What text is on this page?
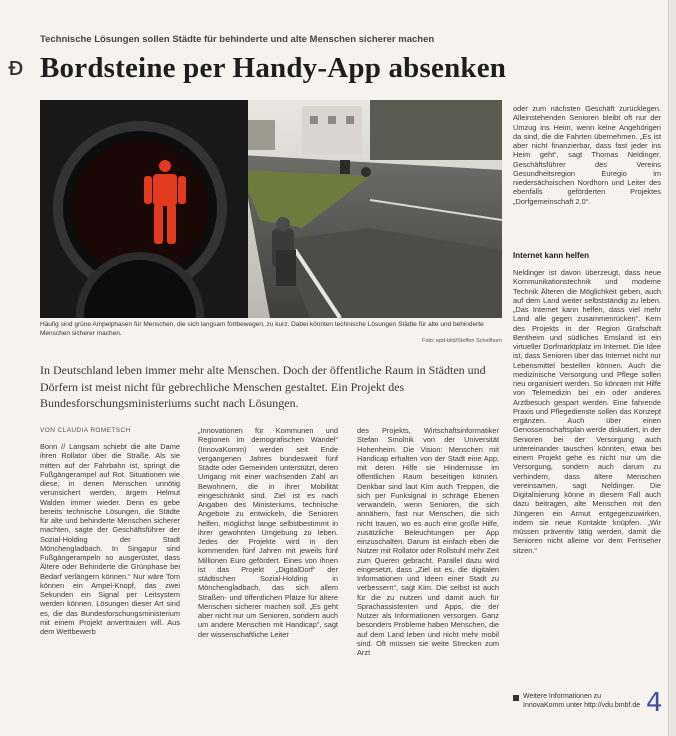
Technische Lösungen sollen Städte für behinderte und alte Menschen sicherer machen
ᴆ Bordsteine per Handy-App absenken
Häufig sind grüne Ampelphasen für Menschen, die sich langsam fortbewegen, zu kurz. Dabei könnten technische Lösungen Städte für alte und behinderte Menschen sicherer machen.
Foto: epd-bild/Steffen Schellhorn

In Deutschland leben immer mehr alte Menschen. Doch der öffentliche Raum in Städten und Dörfern ist meist nicht für gebrechliche Menschen gestaltet. Ein Projekt des Bundesforschungsministeriums sucht nach Lösungen.

VON CLAUDIA ROMETSCH

Bonn // Langsam schiebt die alte Dame ihren Rollator über die Straße. Als sie mitten auf der Fahrbahn ist, springt die Fußgängerampel auf Rot. Situationen wie diese, in denen Menschen unnötig verunsichert werden, ärgern Helmut Walden immer wieder. Denn es gebe bereits technische Lösungen, die Städte für alte und behinderte Menschen sicherer machten, sagte der Geschäftsführer der Sozial-Holding der Stadt Mönchengladbach. In Singapur sind Fußgängerampeln so ausgerüstet, dass Ältere oder Behinderte die Grünphase bei Bedarf verlängern können.“ Nur wäre Tom können ein Ampel-Knopf, das zwei Sekunden ein Signal per Leitsystem werden können. Lösungen dieser Art sind es, die das Bundesforschungsministerium mit einem Projekt anvertrauen will. Aus dem Wettbewerb

„Innovationen für Kommunen und Regionen im demografischen Wandel“ (InnovaKomm) werden seit Ende vergangenen Jahres bundesweit fünf Städte oder Gemeinden unterstützt, deren Umgang mit einer wachsenden Zahl an Bewohnern, die in ihrer Mobilität eingeschränkt sind. Ziel ist es nach Angaben des Ministeriums, technische Angebote zu entwickeln, die Senioren helfen, möglichst lange selbstbestimmt in ihrer gewohnten Umgebung zu leben. Jedes der Projekte wird in den kommenden fünf Jahren mit jeweils fünf Millionen Euro gefördert. Eines von ihnen ist das Projekt „DigitalDorf“ der städtischen Sozial-Holding in Mönchengladbach, das sich allem Straßen- und öffentlichen Plätze für ältere Menschen sicherer machen soll. „Es geht aber nicht nur um Senioren, sondern auch um andere Menschen mit Handicap“, sagt der wissenschaftliche Leiter

des Projekts, Wirtschaftsinformatiker Stefan Smolnik von der Universität Hohenheim. Die Vision: Menschen mit Handicap erhalten von der Stadt eine App, mit deren Hilfe sie Hindernisse im öffentlichen Raum beseitigen können. Denkbar sind laut Kim auch Treppen, die sich per Funksignal in schräge Ebenen verwandeln, wenn Senioren, die sich annähern, fast nur Menschen, die sich nicht trauen, wo es auch eine große Hilfe, zusätzliche Beleuchtungen per App einzuschalten. Darum ist einfach eben die Nutzer mit Rollator oder Rollstuhl mehr Zeit zum Queren gebracht. Parallel dazu wird eingesetzt, dass „Ziel ist es, die digitalen Informationen und Ideen einer Stadt zu verbessern“, sagt Kim. Die selbst ist auch für die zu nutzen und damit auch für Sprachassistenten und Apps, die der Nutzer als Informationen versorgen. Ganz besonders Probleme haben Menschen, die auf dem Land leben und nicht mehr mobil sind. Oft müssen sie weite Strecken zum Arzt

oder zum nächsten Geschäft zurücklegen. Alleinstehenden Senioren bleibt oft nur der Umzug ins Heim, wenn keine Angehörigen da sind, die die Fahrten übernehmen. „Es ist aber nicht finanzierbar, dass fast jeder ins Heim geht“, sagt Thomas Neldinger, Geschäftsführer des Vereins Gesundheitsregion Euregio im niedersächsischen Nordhorn und Leiter des ebenfalls geförderten Projektes „Dorfgemeinschaft 2.0“.

Internet kann helfen

Neldinger ist davon überzeugt, dass neue Kommunikationstechnik und moderne Technik Älteren die Möglichkeit geben, auch auf dem Land weiter selbstständig zu leben. „Das Internet kann helfen, dass viel mehr Land alle gegen zusammenrücken“. Kern des Projekts in der Region Grafschaft Bentheim und südliches Emsland ist ein virtueller Dorfmarktplatz im Internet. Die Idee ist, dass Senioren über das Internet nicht nur Lebensmittel bestellen können. Auch die medizinische Versorgung und Pflege sollen neu organisiert werden. So könnten mit Hilfe von Telemedizin bei ein oder anderes Arztbesuch gespart werden. Eine fahrende Praxis und Pflegedienste sollen das Konzept ergänzen. Auch über einen Genossenschaftsplan werde diskutiert, in der Senioren bei der Versorgung auch untereinander tauschen könnten, etwa bei einem Projekt gehe es nicht nur um die Versorgung, sondern auch darum zu verhindern, dass ältere Menschen vereinsamen, sagt Neldinger. Die Digitalisierung könne in diesem Fall auch dazu beitragen, alte Menschen mit den Jüngeren ein Armut entgegenzuwirken, indem sie neue Kontakte knüpfen. „Wir müssen präventiv tätig werden, damit die Senioren nicht alleine vor dem Fernseher sitzen.“

Weitere Informationen zu InnovaKomm unter http://vdu.bmbf.de 4
